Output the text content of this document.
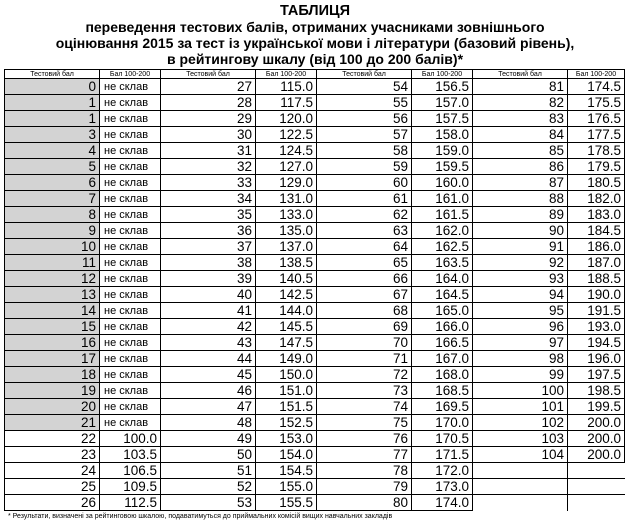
ТАБЛИЦЯ
переведення тестових балів, отриманих учасниками зовнішнього
оцінювання 2015 за тест із української мови і літератури (базовий рівень),
в рейтингову шкалу (від 100 до 200 балів)*
Тестовий бал	Бал 100-200	Тестовий бал	Бал 100-200	Тестовий бал	Бал 100-200	Тестовий бал	Бал 100-200
0	не склав	27	115.0	54	156.5	81	174.5
1	не склав	28	117.5	55	157.0	82	175.5
1	не склав	29	120.0	56	157.5	83	176.5
3	не склав	30	122.5	57	158.0	84	177.5
4	не склав	31	124.5	58	159.0	85	178.5
5	не склав	32	127.0	59	159.5	86	179.5
6	не склав	33	129.0	60	160.0	87	180.5
7	не склав	34	131.0	61	161.0	88	182.0
8	не склав	35	133.0	62	161.5	89	183.0
9	не склав	36	135.0	63	162.0	90	184.5
10	не склав	37	137.0	64	162.5	91	186.0
11	не склав	38	138.5	65	163.5	92	187.0
12	не склав	39	140.5	66	164.0	93	188.5
13	не склав	40	142.5	67	164.5	94	190.0
14	не склав	41	144.0	68	165.0	95	191.5
15	не склав	42	145.5	69	166.0	96	193.0
16	не склав	43	147.5	70	166.5	97	194.5
17	не склав	44	149.0	71	167.0	98	196.0
18	не склав	45	150.0	72	168.0	99	197.5
19	не склав	46	151.0	73	168.5	100	198.5
20	не склав	47	151.5	74	169.5	101	199.5
21	не склав	48	152.5	75	170.0	102	200.0
22	100.0	49	153.0	76	170.5	103	200.0
23	103.5	50	154.0	77	171.5	104	200.0
24	106.5	51	154.5	78	172.0		
25	109.5	52	155.0	79	173.0		
26	112.5	53	155.5	80	174.0		
* Результати, визначені за рейтинговою шкалою, подаватимуться до приймальних комісій вищих навчальних закладів
